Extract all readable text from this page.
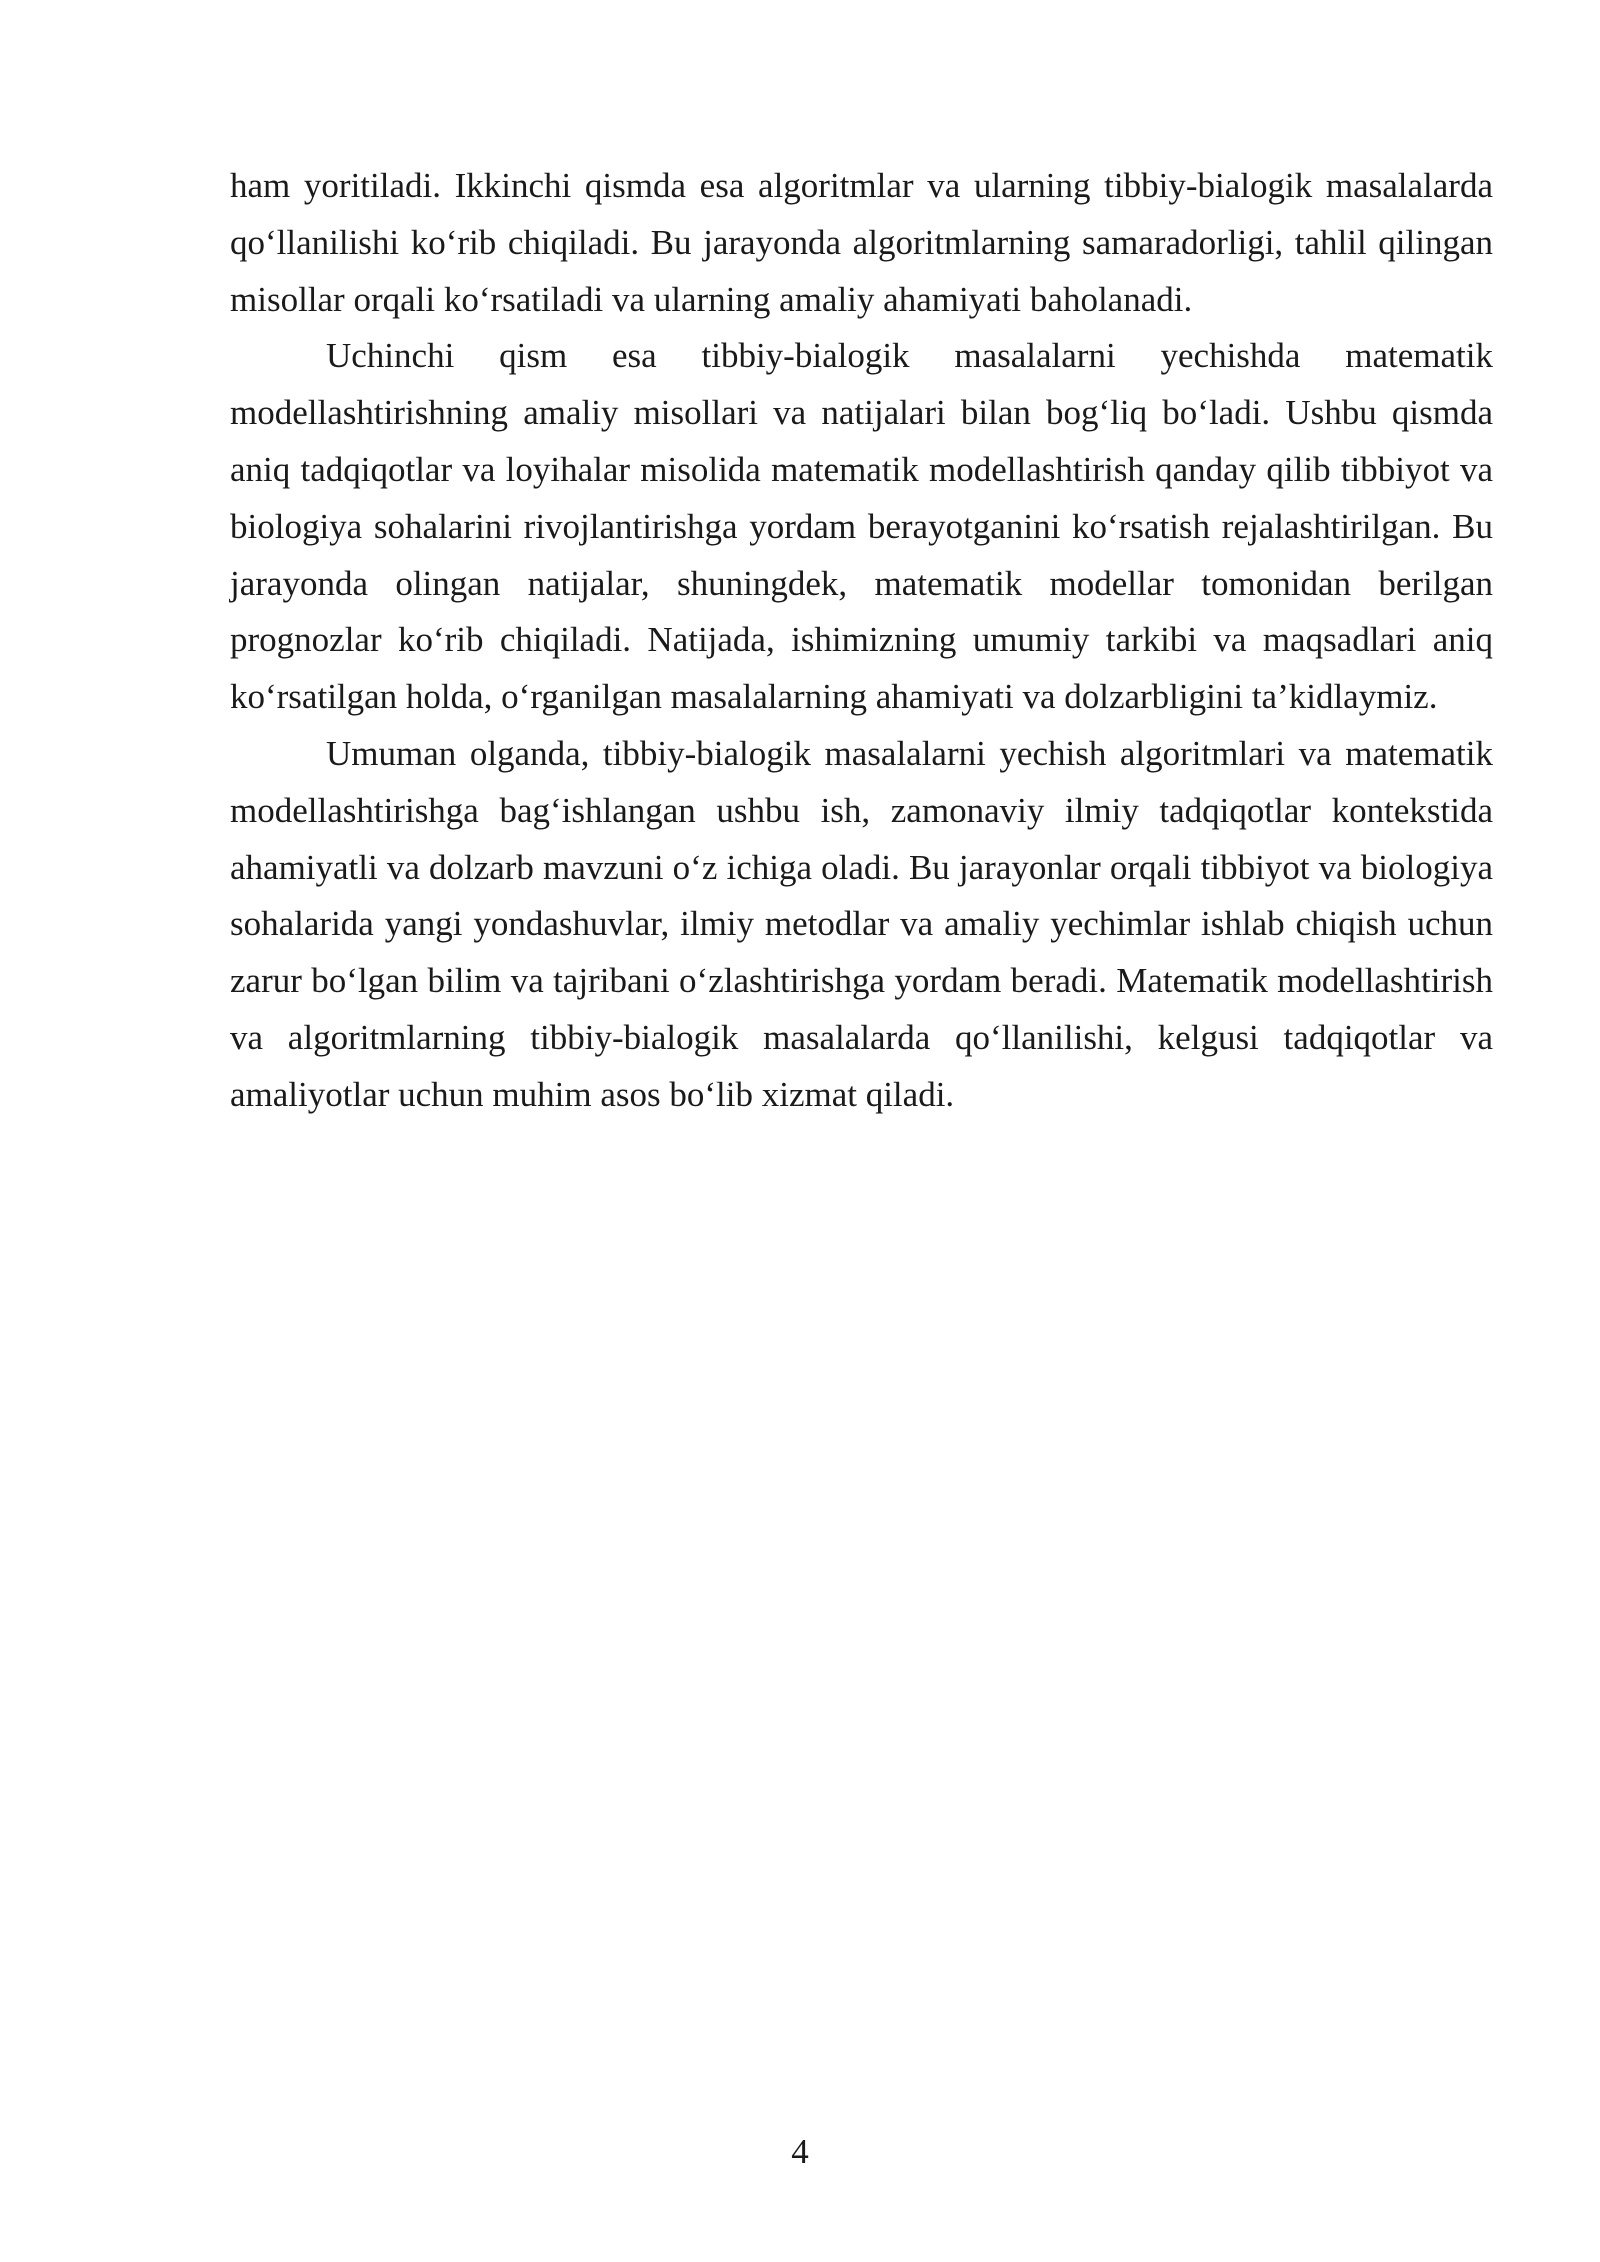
ham yoritiladi. Ikkinchi qismda esa algoritmlar va ularning tibbiy-bialogik masalalarda qo‘llanilishi ko‘rib chiqiladi. Bu jarayonda algoritmlarning samaradorligi, tahlil qilingan misollar orqali ko‘rsatiladi va ularning amaliy ahamiyati baholanadi.

Uchinchi qism esa tibbiy-bialogik masalalarni yechishda matematik modellashtirishning amaliy misollari va natijalari bilan bog‘liq bo‘ladi. Ushbu qismda aniq tadqiqotlar va loyihalar misolida matematik modellashtirish qanday qilib tibbiyot va biologiya sohalarini rivojlantirishga yordam berayotganini ko‘rsatish rejalashtirilgan. Bu jarayonda olingan natijalar, shuningdek, matematik modellar tomonidan berilgan prognozlar ko‘rib chiqiladi. Natijada, ishimizning umumiy tarkibi va maqsadlari aniq ko‘rsatilgan holda, o‘rganilgan masalalarning ahamiyati va dolzarbligini ta’kidlaymiz.

Umuman olganda, tibbiy-bialogik masalalarni yechish algoritmlari va matematik modellashtirishga bag‘ishlangan ushbu ish, zamonaviy ilmiy tadqiqotlar kontekstida ahamiyatli va dolzarb mavzuni o‘z ichiga oladi. Bu jarayonlar orqali tibbiyot va biologiya sohalarida yangi yondashuvlar, ilmiy metodlar va amaliy yechimlar ishlab chiqish uchun zarur bo‘lgan bilim va tajribani o‘zlashtirishga yordam beradi. Matematik modellashtirish va algoritmlarning tibbiy-bialogik masalalarda qo‘llanilishi, kelgusi tadqiqotlar va amaliyotlar uchun muhim asos bo‘lib xizmat qiladi.

4
